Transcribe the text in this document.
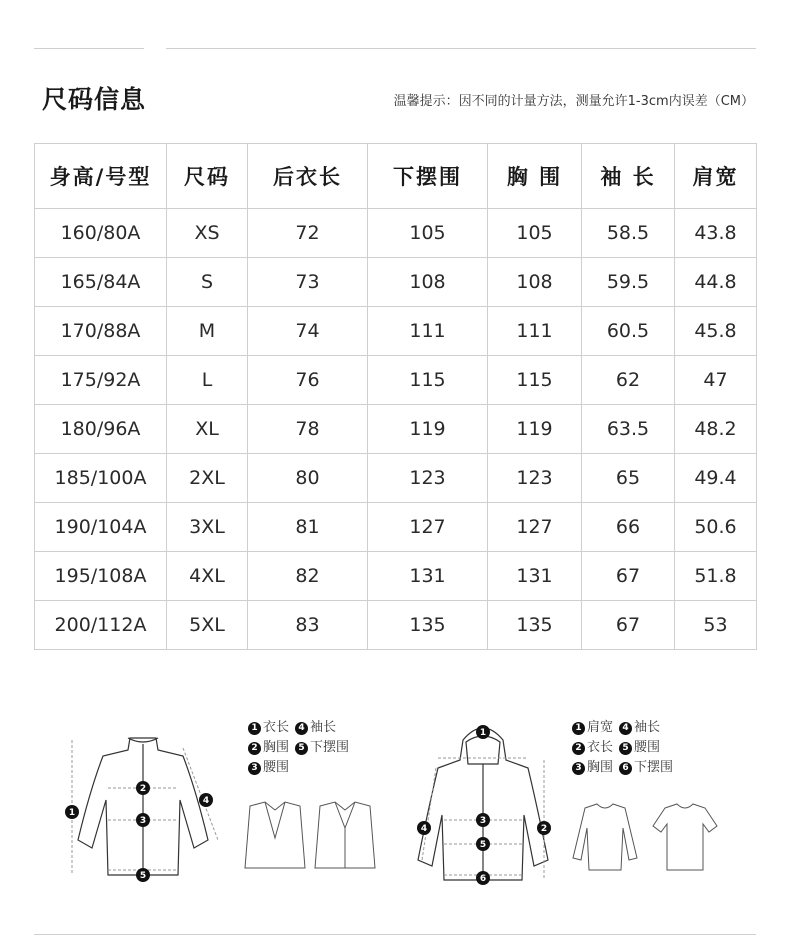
尺码信息	温馨提示：因不同的计量方法，测量允许1-3cm内误差（CM）
身高/号型	尺码	后衣长	下摆围	胸 围	袖 长	肩宽
160/80A	XS	72	105	105	58.5	43.8
165/84A	S	73	108	108	59.5	44.8
170/88A	M	74	111	111	60.5	45.8
175/92A	L	76	115	115	62	47
180/96A	XL	78	119	119	63.5	48.2
185/100A	2XL	80	123	123	65	49.4
190/104A	3XL	81	127	127	66	50.6
195/108A	4XL	82	131	131	67	51.8
200/112A	5XL	83	135	135	67	53
1
2
3
4
5
1 衣长	4 袖长
2 胸围	5 下摆围
3 腰围
1
2
3
4
5
6
1 肩宽	4 袖长
2 衣长	5 腰围
3 胸围	6 下摆围
